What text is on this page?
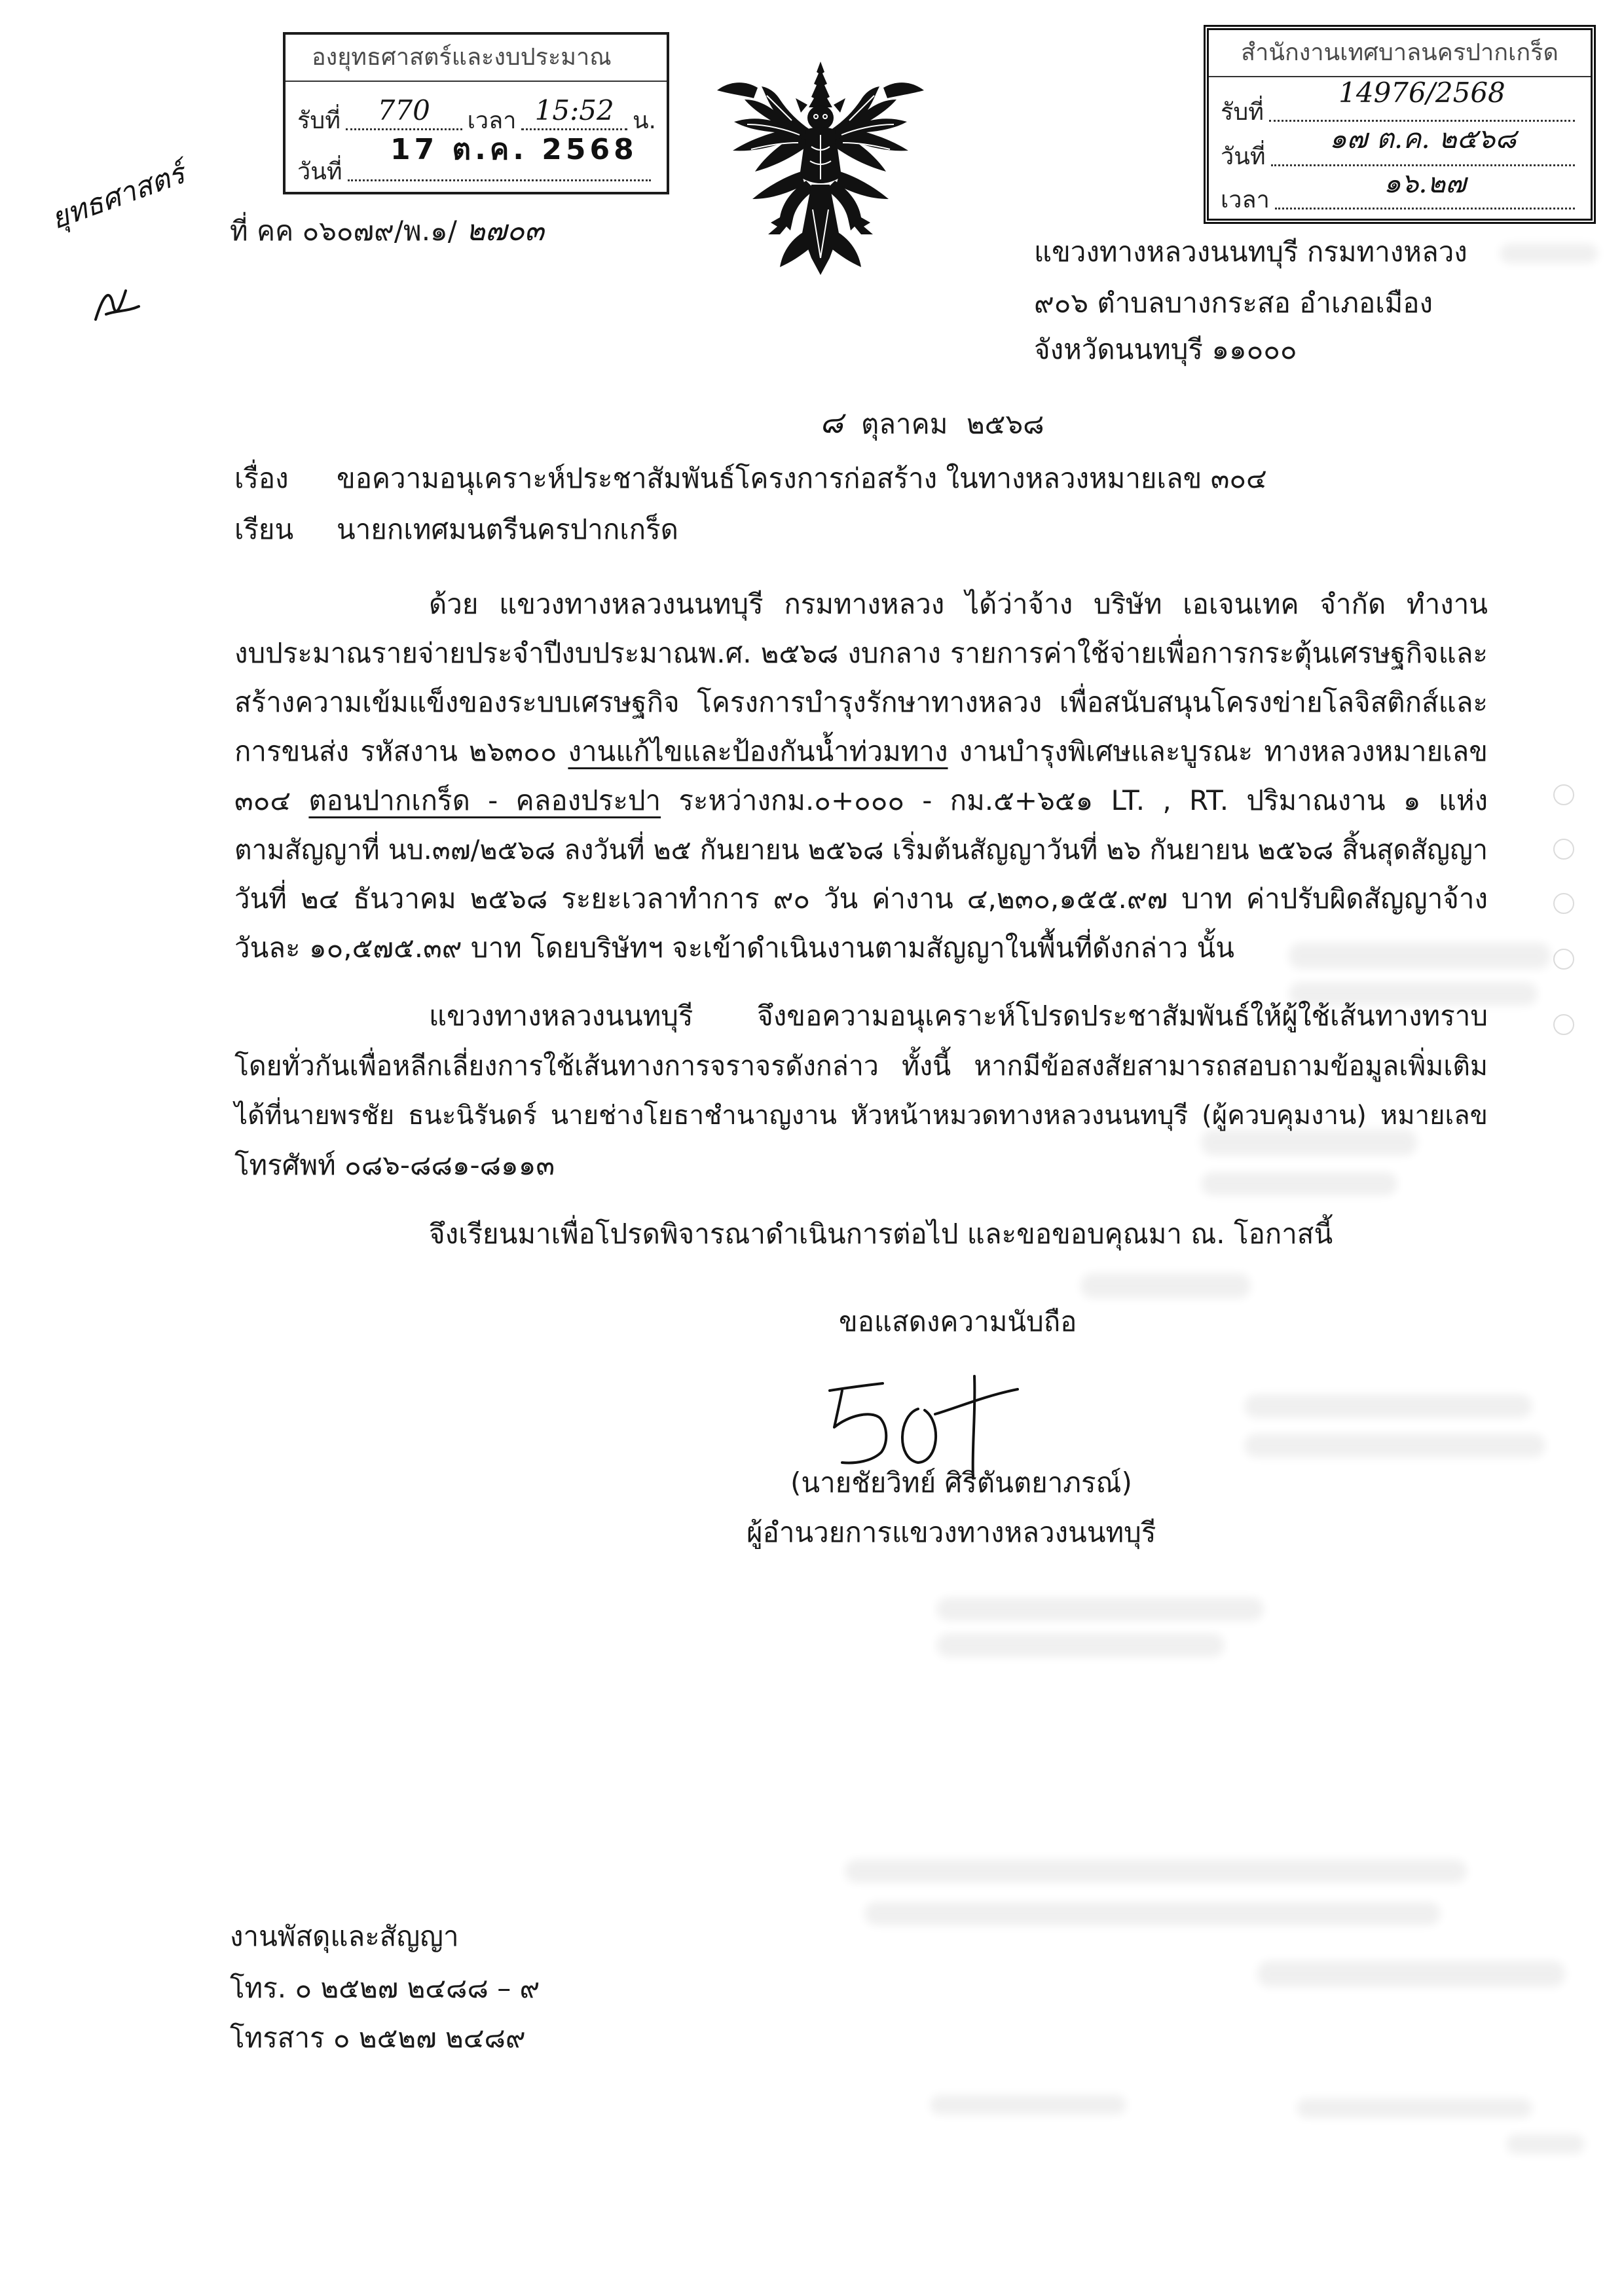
องยุทธศาสตร์และงบประมาณ
รับที่ 770 เวลา 15:52 น.
17 ต.ค. 2568
วันที่
สำนักงานเทศบาลนครปากเกร็ด
รับที่
14976/2568
วันที่
๑๗ ต.ค. ๒๕๖๘
เวลา
๑๖.๒๗
ยุทธศาสตร์ ที่ คค ๐๖๐๗๙/พ.๑/ ๒๗๐๓
แขวงทางหลวงนนทบุรี กรมทางหลวง
๙๐๖ ตำบลบางกระสอ อำเภอเมือง
จังหวัดนนทบุรี ๑๑๐๐๐
๘ ตุลาคม ๒๕๖๘
เรื่อง ขอความอนุเคราะห์ประชาสัมพันธ์โครงการก่อสร้าง ในทางหลวงหมายเลข ๓๐๔
เรียน นายกเทศมนตรีนครปากเกร็ด
ด้วย แขวงทางหลวงนนทบุรี กรมทางหลวง ได้ว่าจ้าง บริษัท เอเจนเทค จำกัด ทำงาน
งบประมาณรายจ่ายประจำปีงบประมาณพ.ศ. ๒๕๖๘ งบกลาง รายการค่าใช้จ่ายเพื่อการกระตุ้นเศรษฐกิจและ
สร้างความเข้มแข็งของระบบเศรษฐกิจ โครงการบำรุงรักษาทางหลวง เพื่อสนับสนุนโครงข่ายโลจิสติกส์และ
การขนส่ง รหัสงาน ๒๖๓๐๐ งานแก้ไขและป้องกันน้ำท่วมทาง งานบำรุงพิเศษและบูรณะ ทางหลวงหมายเลข
๓๐๔ ตอนปากเกร็ด - คลองประปา ระหว่างกม.๐+๐๐๐ - กม.๕+๖๕๑ LT. , RT. ปริมาณงาน ๑ แห่ง
ตามสัญญาที่ นบ.๓๗/๒๕๖๘ ลงวันที่ ๒๕ กันยายน ๒๕๖๘ เริ่มต้นสัญญาวันที่ ๒๖ กันยายน ๒๕๖๘ สิ้นสุดสัญญา
วันที่ ๒๔ ธันวาคม ๒๕๖๘ ระยะเวลาทำการ ๙๐ วัน ค่างาน ๔,๒๓๐,๑๕๕.๙๗ บาท ค่าปรับผิดสัญญาจ้าง
วันละ ๑๐,๕๗๕.๓๙ บาท โดยบริษัทฯ จะเข้าดำเนินงานตามสัญญาในพื้นที่ดังกล่าว นั้น
แขวงทางหลวงนนทบุรี จึงขอความอนุเคราะห์โปรดประชาสัมพันธ์ให้ผู้ใช้เส้นทางทราบ
โดยทั่วกันเพื่อหลีกเลี่ยงการใช้เส้นทางการจราจรดังกล่าว ทั้งนี้ หากมีข้อสงสัยสามารถสอบถามข้อมูลเพิ่มเติม
ได้ที่นายพรชัย ธนะนิรันดร์ นายช่างโยธาชำนาญงาน หัวหน้าหมวดทางหลวงนนทบุรี (ผู้ควบคุมงาน) หมายเลข
โทรศัพท์ ๐๘๖-๘๘๑-๘๑๑๓
จึงเรียนมาเพื่อโปรดพิจารณาดำเนินการต่อไป และขอขอบคุณมา ณ. โอกาสนี้
ขอแสดงความนับถือ
(นายชัยวิทย์ ศิริตันตยาภรณ์)
ผู้อำนวยการแขวงทางหลวงนนทบุรี
งานพัสดุและสัญญา
โทร. ๐ ๒๕๒๗ ๒๔๘๘ – ๙
โทรสาร ๐ ๒๕๒๗ ๒๔๘๙
